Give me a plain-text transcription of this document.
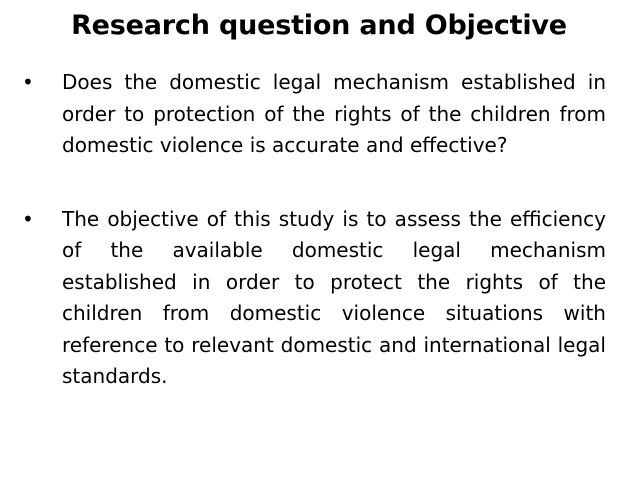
Research question and Objective
•	Does the domestic legal mechanism established in order to protection of the rights of the children from domestic violence is accurate and effective?
•	The objective of this study is to assess the efficiency of the available domestic legal mechanism established in order to protect the rights of the children from domestic violence situations with reference to relevant domestic and international legal standards.
